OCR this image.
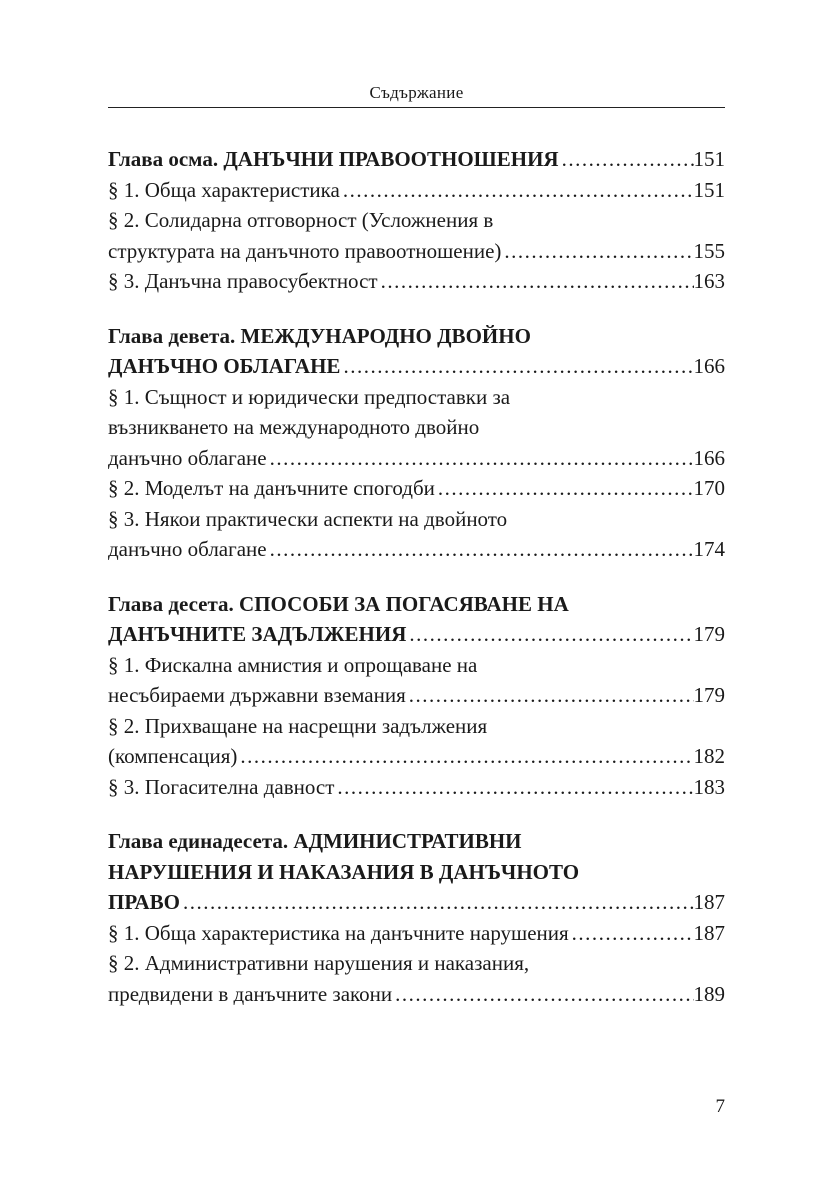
Съдържание
Глава осма. ДАНЪЧНИ ПРАВООТНОШЕНИЯ .....	151
§ 1. Обща характеристика .....	151
§ 2. Солидарна отговорност (Усложнения в
структурата на данъчното правоотношение) .....	155
§ 3. Данъчна правосубектност .....	163
Глава девета. МЕЖДУНАРОДНО ДВОЙНО
ДАНЪЧНО ОБЛАГАНЕ .....	166
§ 1. Същност и юридически предпоставки за
възникването на международното двойно
данъчно облагане .....	166
§ 2. Моделът на данъчните спогодби .....	170
§ 3. Някои практически аспекти на двойното
данъчно облагане .....	174
Глава десета. СПОСОБИ ЗА ПОГАСЯВАНЕ НА
ДАНЪЧНИТЕ ЗАДЪЛЖЕНИЯ .....	179
§ 1. Фискална амнистия и опрощаване на
несъбираеми държавни вземания .....	179
§ 2. Прихващане на насрещни задължения
(компенсация) .....	182
§ 3. Погасителна давност .....	183
Глава единадесета. АДМИНИСТРАТИВНИ
НАРУШЕНИЯ И НАКАЗАНИЯ В ДАНЪЧНОТО
ПРАВО .....	187
§ 1. Обща характеристика на данъчните нарушения .....	187
§ 2. Административни нарушения и наказания,
предвидени в данъчните закони .....	189
7
